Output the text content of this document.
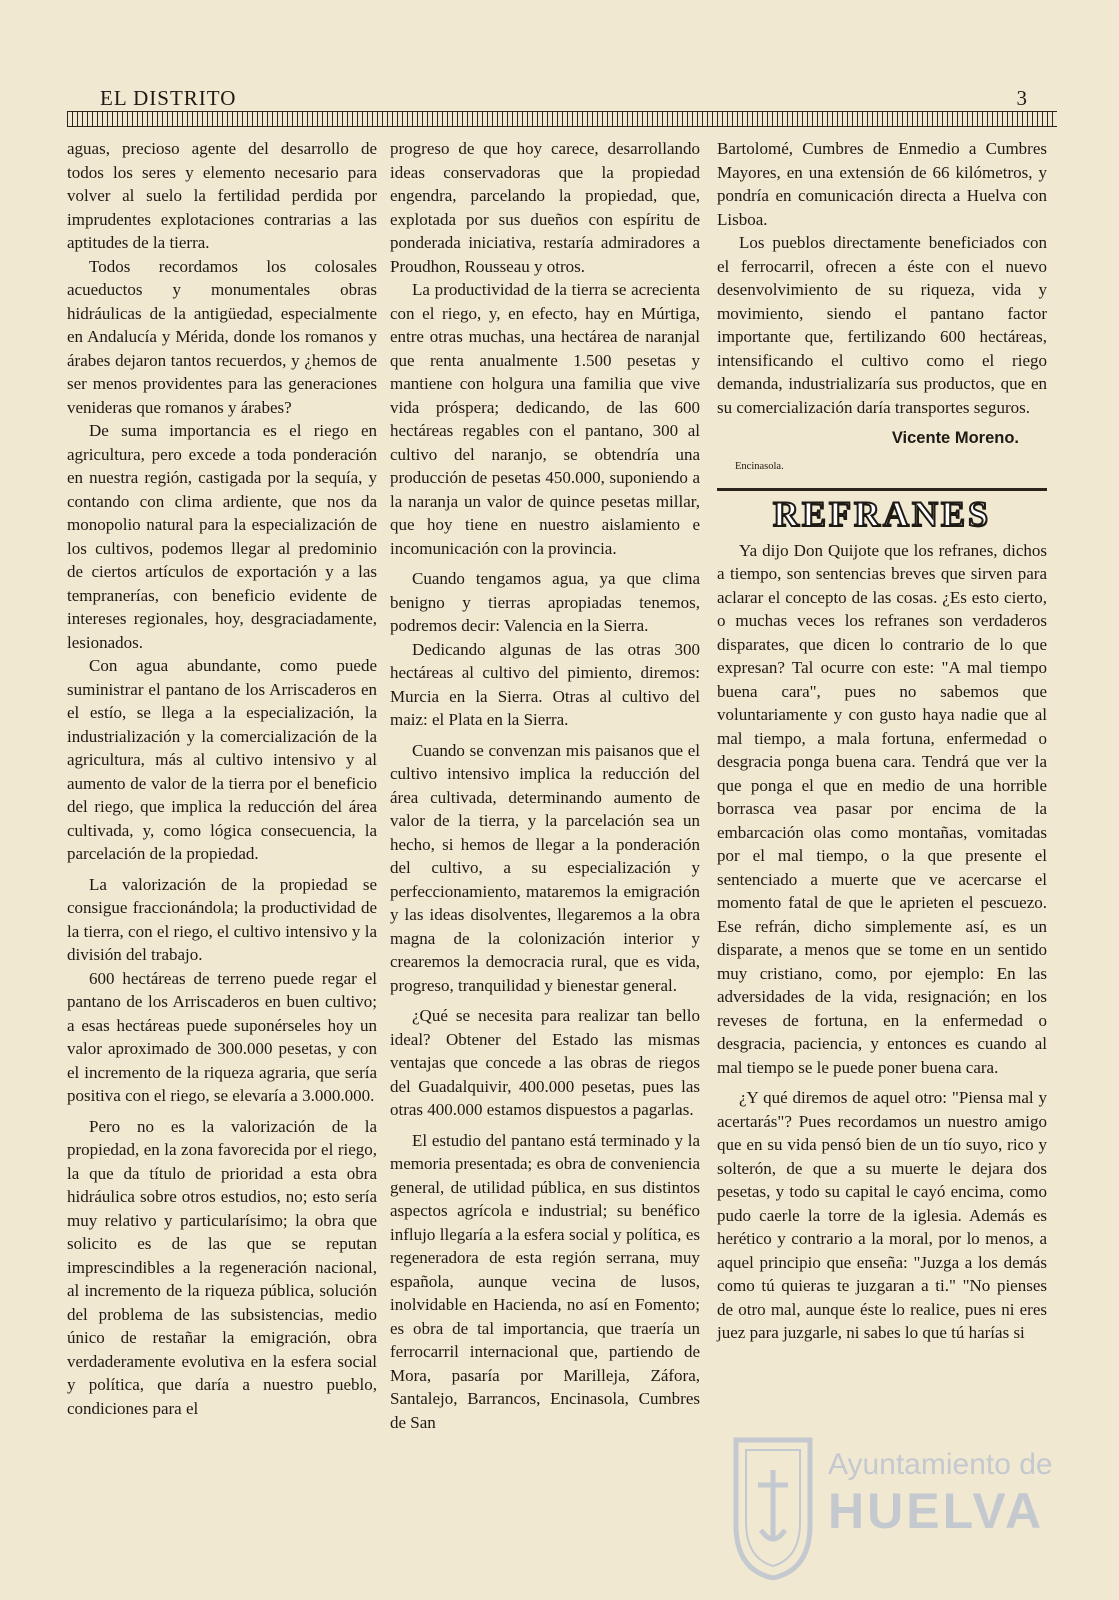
EL DISTRITO	3

aguas, precioso agente del desarrollo de todos los seres y elemento necesario para volver al suelo la fertilidad perdida por imprudentes explotaciones contrarias a las aptitudes de la tierra.

Todos recordamos los colosales acueductos y monumentales obras hidráulicas de la antigüedad, especialmente en Andalucía y Mérida, donde los romanos y árabes dejaron tantos recuerdos, y ¿hemos de ser menos providentes para las generaciones venideras que romanos y árabes?

De suma importancia es el riego en agricultura, pero excede a toda ponderación en nuestra región, castigada por la sequía, y contando con clima ardiente, que nos da monopolio natural para la especialización de los cultivos, podemos llegar al predominio de ciertos artículos de exportación y a las tempranerías, con beneficio evidente de intereses regionales, hoy, desgraciadamente, lesionados.

Con agua abundante, como puede suministrar el pantano de los Arriscaderos en el estío, se llega a la especialización, la industrialización y la comercialización de la agricultura, más al cultivo intensivo y al aumento de valor de la tierra por el beneficio del riego, que implica la reducción del área cultivada, y, como lógica consecuencia, la parcelación de la propiedad.

La valorización de la propiedad se consigue fraccionándola; la productividad de la tierra, con el riego, el cultivo intensivo y la división del trabajo.

600 hectáreas de terreno puede regar el pantano de los Arriscaderos en buen cultivo; a esas hectáreas puede suponérseles hoy un valor aproximado de 300.000 pesetas, y con el incremento de la riqueza agraria, que sería positiva con el riego, se elevaría a 3.000.000.

Pero no es la valorización de la propiedad, en la zona favorecida por el riego, la que da título de prioridad a esta obra hidráulica sobre otros estudios, no; esto sería muy relativo y particularísimo; la obra que solicito es de las que se reputan imprescindibles a la regeneración nacional, al incremento de la riqueza pública, solución del problema de las subsistencias, medio único de restañar la emigración, obra verdaderamente evolutiva en la esfera social y política, que daría a nuestro pueblo, condiciones para el

progreso de que hoy carece, desarrollando ideas conservadoras que la propiedad engendra, parcelando la propiedad, que, explotada por sus dueños con espíritu de ponderada iniciativa, restaría admiradores a Proudhon, Rousseau y otros.

La productividad de la tierra se acrecienta con el riego, y, en efecto, hay en Múrtiga, entre otras muchas, una hectárea de naranjal que renta anualmente 1.500 pesetas y mantiene con holgura una familia que vive vida próspera; dedicando, de las 600 hectáreas regables con el pantano, 300 al cultivo del naranjo, se obtendría una producción de pesetas 450.000, suponiendo a la naranja un valor de quince pesetas millar, que hoy tiene en nuestro aislamiento e incomunicación con la provincia.

Cuando tengamos agua, ya que clima benigno y tierras apropiadas tenemos, podremos decir: Valencia en la Sierra.

Dedicando algunas de las otras 300 hectáreas al cultivo del pimiento, diremos: Murcia en la Sierra. Otras al cultivo del maiz: el Plata en la Sierra.

Cuando se convenzan mis paisanos que el cultivo intensivo implica la reducción del área cultivada, determinando aumento de valor de la tierra, y la parcelación sea un hecho, si hemos de llegar a la ponderación del cultivo, a su especialización y perfeccionamiento, mataremos la emigración y las ideas disolventes, llegaremos a la obra magna de la colonización interior y crearemos la democracia rural, que es vida, progreso, tranquilidad y bienestar general.

¿Qué se necesita para realizar tan bello ideal? Obtener del Estado las mismas ventajas que concede a las obras de riegos del Guadalquivir, 400.000 pesetas, pues las otras 400.000 estamos dispuestos a pagarlas.

El estudio del pantano está terminado y la memoria presentada; es obra de conveniencia general, de utilidad pública, en sus distintos aspectos agrícola e industrial; su benéfico influjo llegaría a la esfera social y política, es regeneradora de esta región serrana, muy española, aunque vecina de lusos, inolvidable en Hacienda, no así en Fomento; es obra de tal importancia, que traería un ferrocarril internacional que, partiendo de Mora, pasaría por Marilleja, Záfora, Santalejo, Barrancos, Encinasola, Cumbres de San

Bartolomé, Cumbres de Enmedio a Cumbres Mayores, en una extensión de 66 kilómetros, y pondría en comunicación directa a Huelva con Lisboa.

Los pueblos directamente beneficiados con el ferrocarril, ofrecen a éste con el nuevo desenvolvimiento de su riqueza, vida y movimiento, siendo el pantano factor importante que, fertilizando 600 hectáreas, intensificando el cultivo como el riego demanda, industrializaría sus productos, que en su comercialización daría transportes seguros.

Vicente Moreno.
Encinasola.
REFRANES

Ya dijo Don Quijote que los refranes, dichos a tiempo, son sentencias breves que sirven para aclarar el concepto de las cosas. ¿Es esto cierto, o muchas veces los refranes son verdaderos disparates, que dicen lo contrario de lo que expresan? Tal ocurre con este: "A mal tiempo buena cara", pues no sabemos que voluntariamente y con gusto haya nadie que al mal tiempo, a mala fortuna, enfermedad o desgracia ponga buena cara. Tendrá que ver la que ponga el que en medio de una horrible borrasca vea pasar por encima de la embarcación olas como montañas, vomitadas por el mal tiempo, o la que presente el sentenciado a muerte que ve acercarse el momento fatal de que le aprieten el pescuezo. Ese refrán, dicho simplemente así, es un disparate, a menos que se tome en un sentido muy cristiano, como, por ejemplo: En las adversidades de la vida, resignación; en los reveses de fortuna, en la enfermedad o desgracia, paciencia, y entonces es cuando al mal tiempo se le puede poner buena cara.

¿Y qué diremos de aquel otro: "Piensa mal y acertarás"? Pues recordamos un nuestro amigo que en su vida pensó bien de un tío suyo, rico y solterón, de que a su muerte le dejara dos pesetas, y todo su capital le cayó encima, como pudo caerle la torre de la iglesia. Además es herético y contrario a la moral, por lo menos, a aquel principio que enseña: "Juzga a los demás como tú quieras te juzgaran a ti." "No pienses de otro mal, aunque éste lo realice, pues ni eres juez para juzgarle, ni sabes lo que tú harías si

Ayuntamiento de
HUELVA
